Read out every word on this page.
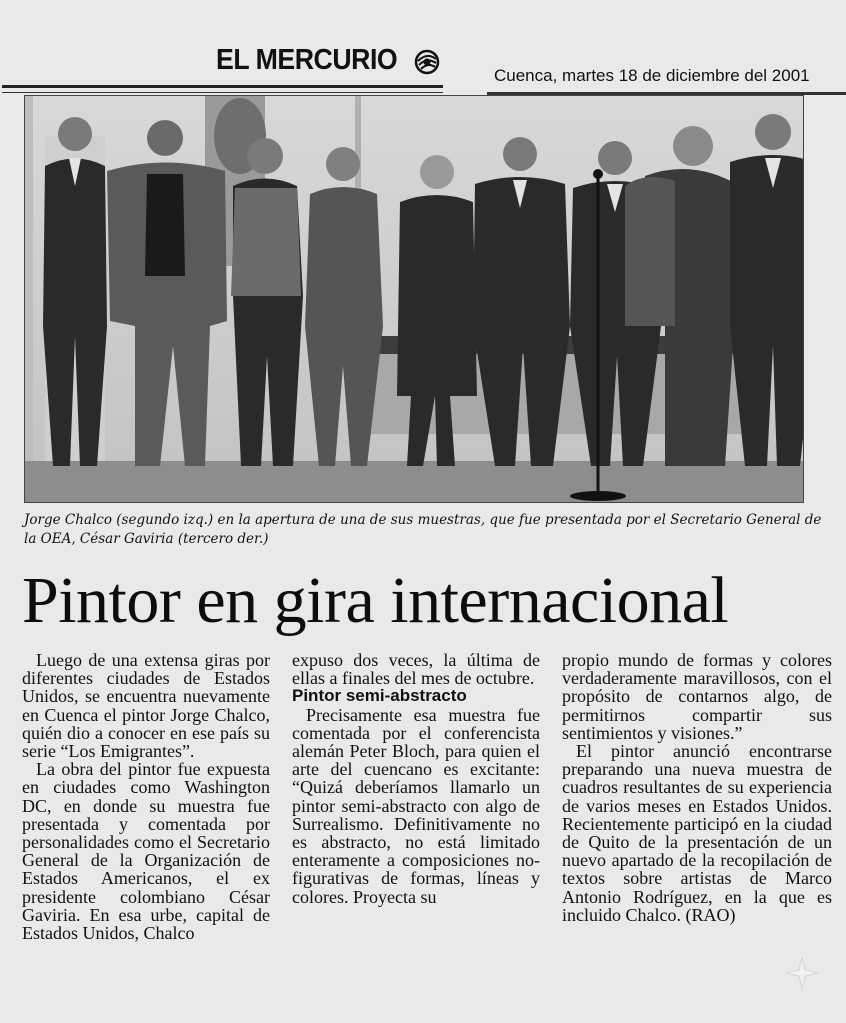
EL MERCURIO	Cuenca, martes 18 de diciembre del 2001
Jorge Chalco (segundo izq.) en la apertura de una de sus muestras, que fue presentada por el Secretario General de la OEA, César Gaviria (tercero der.)
Pintor en gira internacional

Luego de una extensa giras por diferentes ciudades de Estados Unidos, se encuentra nuevamente en Cuenca el pintor Jorge Chalco, quién dio a conocer en ese país su serie “Los Emigrantes”.

La obra del pintor fue expuesta en ciudades como Washington DC, en donde su muestra fue presentada y comentada por personalidades como el Secretario General de la Organización de Estados Americanos, el ex presidente colombiano César Gaviria. En esa urbe, capital de Estados Unidos, Chalco

expuso dos veces, la última de ellas a finales del mes de octubre.

Pintor semi-abstracto

Precisamente esa muestra fue comentada por el conferencista alemán Peter Bloch, para quien el arte del cuencano es excitante: “Quizá deberíamos llamarlo un pintor semi-abstracto con algo de Surrealismo. Definitivamente no es abstracto, no está limitado enteramente a composiciones no-figurativas de formas, líneas y colores. Proyecta su

propio mundo de formas y colores verdaderamente maravillosos, con el propósito de contarnos algo, de permitirnos compartir sus sentimientos y visiones.”

El pintor anunció encontrarse preparando una nueva muestra de cuadros resultantes de su experiencia de varios meses en Estados Unidos. Recientemente participó en la ciudad de Quito de la presentación de un nuevo apartado de la recopilación de textos sobre artistas de Marco Antonio Rodríguez, en la que es incluido Chalco. (RAO)
